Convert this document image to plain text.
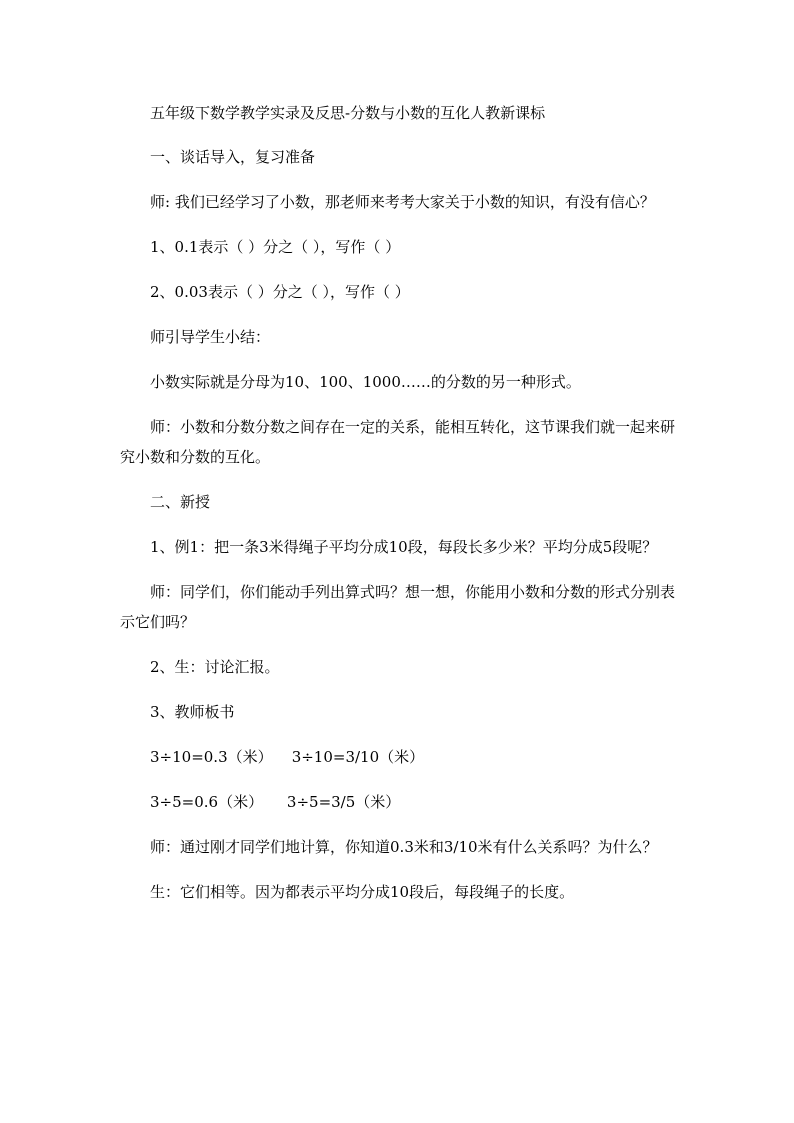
五年级下数学教学实录及反思-分数与小数的互化人教新课标

一、谈话导入，复习准备

师: 我们已经学习了小数，那老师来考考大家关于小数的知识，有没有信心？

1、0.1表示（ ）分之（ ），写作（ ）

2、0.03表示（ ）分之（ ），写作（ ）

师引导学生小结：

小数实际就是分母为10、100、1000……的分数的另一种形式。

师：小数和分数分数之间存在一定的关系，能相互转化，这节课我们就一起来研究小数和分数的互化。

二、新授

1、例1：把一条3米得绳子平均分成10段，每段长多少米？平均分成5段呢？

师：同学们，你们能动手列出算式吗？想一想，你能用小数和分数的形式分别表示它们吗？

2、生：讨论汇报。

3、教师板书

3÷10=0.3（米）    3÷10=3/10（米）

3÷5=0.6（米）     3÷5=3/5（米）

师：通过刚才同学们地计算，你知道0.3米和3/10米有什么关系吗？为什么？

生：它们相等。因为都表示平均分成10段后，每段绳子的长度。
